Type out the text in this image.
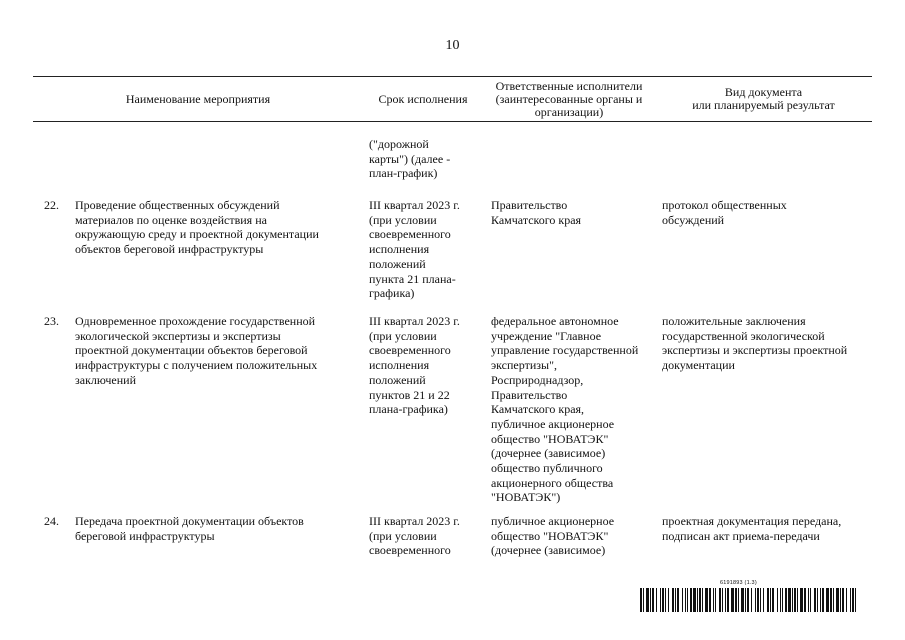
10
Наименование мероприятия	Срок исполнения
Ответственные исполнители
(заинтересованные органы и
организации)
Вид документа
или планируемый результат
("дорожной
карты") (далее -
план-график)
22. Проведение общественных обсуждений
материалов по оценке воздействия на
окружающую среду и проектной документации
объектов береговой инфраструктуры
III квартал 2023 г.
(при условии
своевременного
исполнения
положений
пункта 21 плана-
графика)
Правительство
Камчатского края
протокол общественных
обсуждений
23. Одновременное прохождение государственной
экологической экспертизы и экспертизы
проектной документации объектов береговой
инфраструктуры с получением положительных
заключений
III квартал 2023 г.
(при условии
своевременного
исполнения
положений
пунктов 21 и 22
плана-графика)
федеральное автономное
учреждение "Главное
управление государственной
экспертизы",
Росприроднадзор,
Правительство
Камчатского края,
публичное акционерное
общество "НОВАТЭК"
(дочернее (зависимое)
общество публичного
акционерного общества
"НОВАТЭК")
положительные заключения
государственной экологической
экспертизы и экспертизы проектной
документации
24. Передача проектной документации объектов
береговой инфраструктуры
III квартал 2023 г.
(при условии
своевременного
публичное акционерное
общество "НОВАТЭК"
(дочернее (зависимое)
проектная документация передана,
подписан акт приема-передачи
6191893 (1.3)
